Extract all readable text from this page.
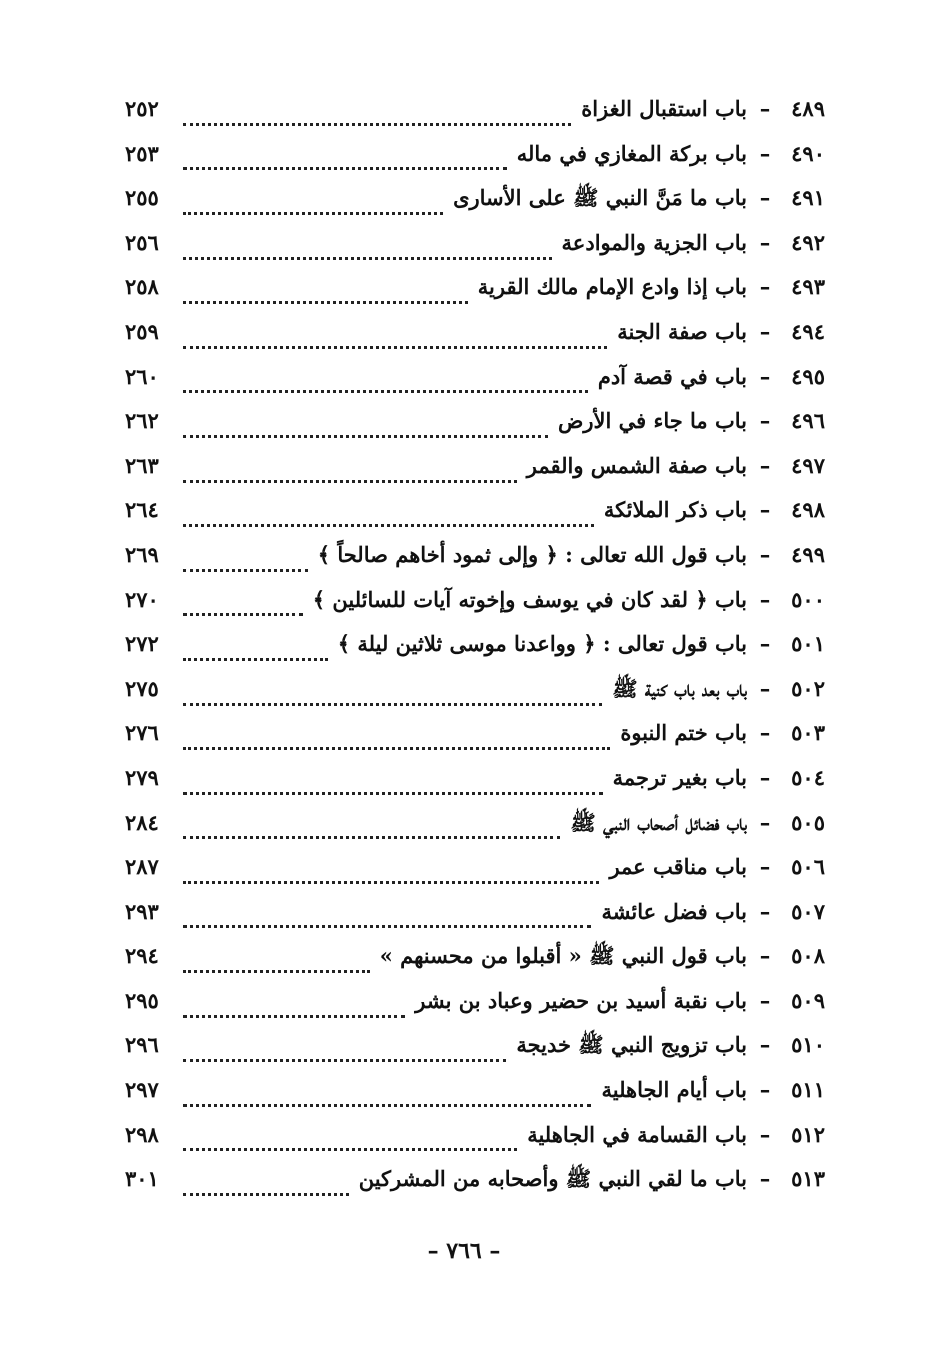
٤٨٩
–
باب استقبال الغزاة
٢٥٢
٤٩٠
–
باب بركة المغازي في ماله
٢٥٣
٤٩١
–
باب ما مَنَّ النبي ﷺ على الأسارى
٢٥٥
٤٩٢
–
باب الجزية والموادعة
٢٥٦
٤٩٣
–
باب إذا وادع الإمام مالك القرية
٢٥٨
٤٩٤
–
باب صفة الجنة
٢٥٩
٤٩٥
–
باب في قصة آدم
٢٦٠
٤٩٦
–
باب ما جاء في الأرض
٢٦٢
٤٩٧
–
باب صفة الشمس والقمر
٢٦٣
٤٩٨
–
باب ذكر الملائكة
٢٦٤
٤٩٩
–
باب قول الله تعالى : ﴿ وإلى ثمود أخاهم صالحاً ﴾
٢٦٩
٥٠٠
–
باب ﴿ لقد كان في يوسف وإخوته آيات للسائلين ﴾
٢٧٠
٥٠١
–
باب قول تعالى : ﴿ وواعدنا موسى ثلاثين ليلة ﴾
٢٧٢
٥٠٢
–
باب بعد باب كنية ﷺ
٢٧٥
٥٠٣
–
باب ختم النبوة
٢٧٦
٥٠٤
–
باب بغير ترجمة
٢٧٩
٥٠٥
–
باب فضائل أصحاب النبي ﷺ
٢٨٤
٥٠٦
–
باب مناقب عمر
٢٨٧
٥٠٧
–
باب فضل عائشة
٢٩٣
٥٠٨
–
باب قول النبي ﷺ « أقبلوا من محسنهم »
٢٩٤
٥٠٩
–
باب نقبة أسيد بن حضير وعباد بن بشر
٢٩٥
٥١٠
–
باب تزويج النبي ﷺ خديجة
٢٩٦
٥١١
–
باب أيام الجاهلية
٢٩٧
٥١٢
–
باب القسامة في الجاهلية
٢٩٨
٥١٣
–
باب ما لقي النبي ﷺ وأصحابه من المشركين
٣٠١
– ٧٦٦ –
